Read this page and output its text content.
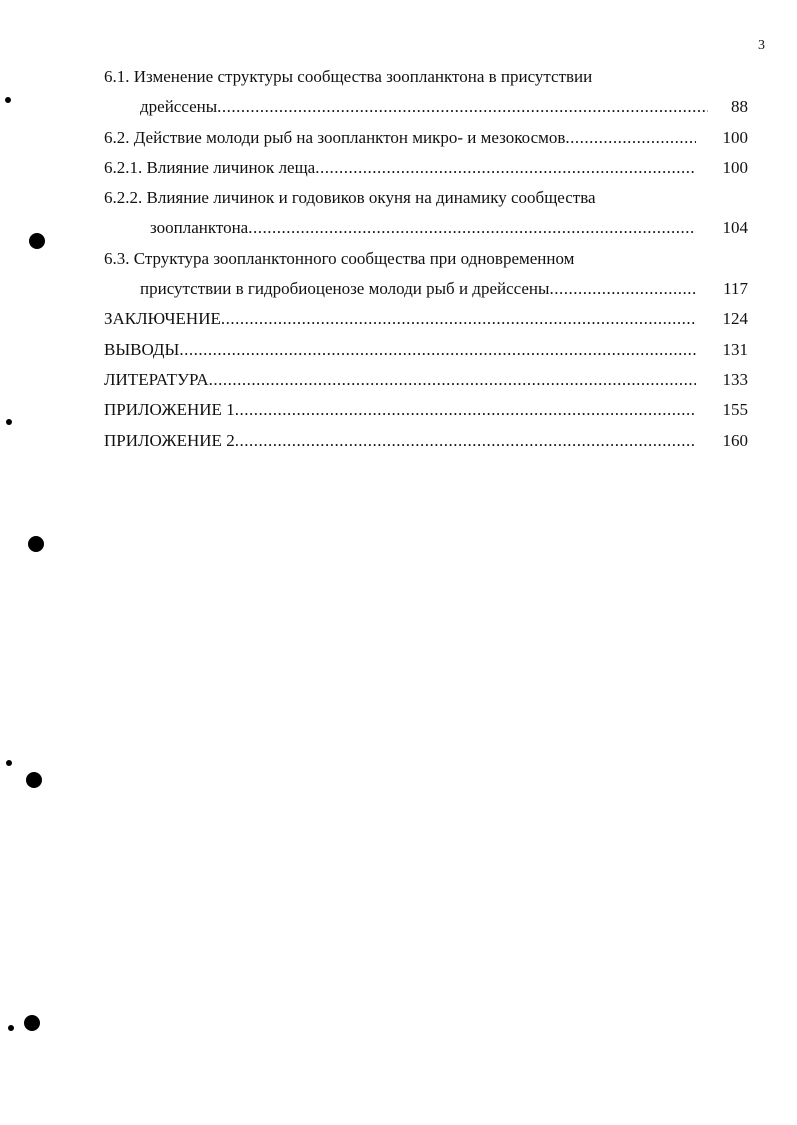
3
6.1. Изменение структуры сообщества зоопланктона в присутствии
дрейссены .....	88
6.2. Действие молоди рыб на зоопланктон микро- и мезокосмов .....	100
6.2.1. Влияние личинок леща .....	100
6.2.2. Влияние личинок и годовиков окуня на динамику сообщества
зоопланктона .....	104
6.3. Структура зоопланктонного сообщества при одновременном
присутствии в гидробиоценозе молоди рыб и дрейссены .....	117
ЗАКЛЮЧЕНИЕ .....	124
ВЫВОДЫ .....	131
ЛИТЕРАТУРА .....	133
ПРИЛОЖЕНИЕ 1 .....	155
ПРИЛОЖЕНИЕ 2 .....	160
